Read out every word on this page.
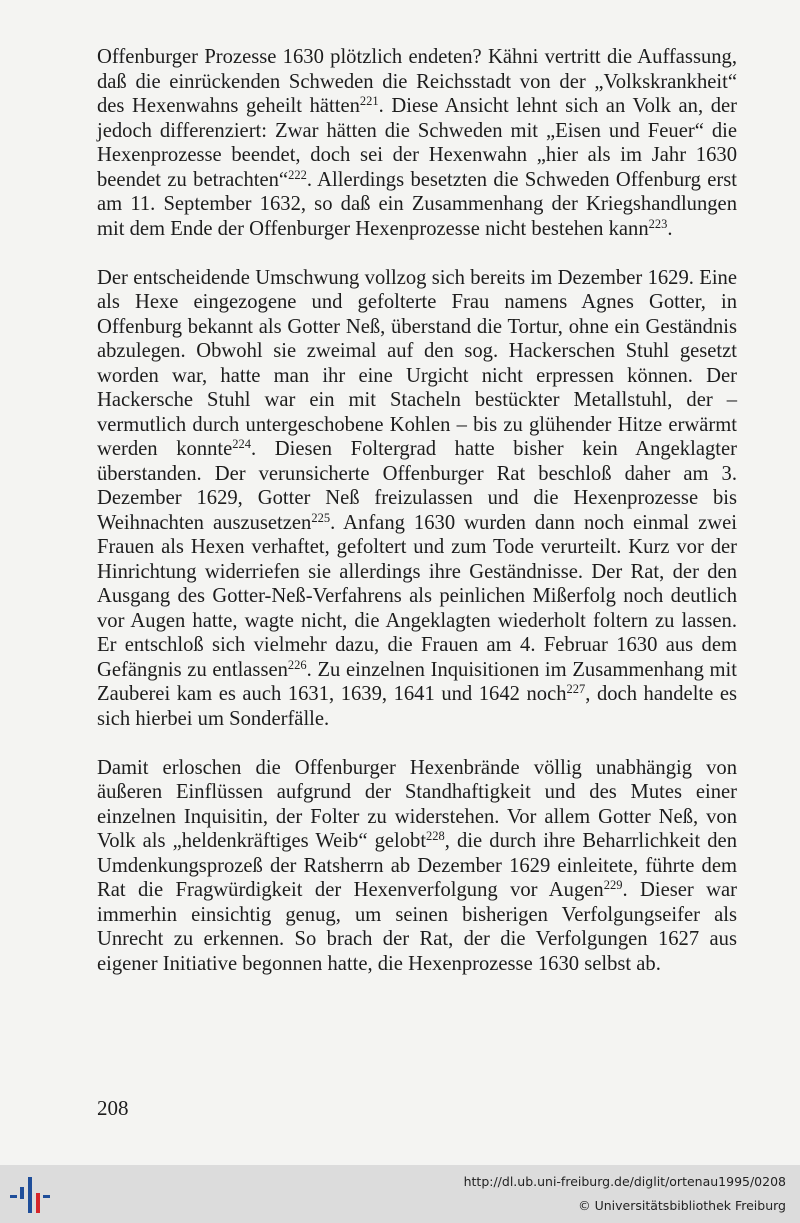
Offenburger Prozesse 1630 plötzlich endeten? Kähni vertritt die Auffassung, daß die einrückenden Schweden die Reichsstadt von der „Volkskrankheit“ des Hexenwahns geheilt hätten$^{221}$. Diese Ansicht lehnt sich an Volk an, der jedoch differenziert: Zwar hätten die Schweden mit „Eisen und Feuer“ die Hexenprozesse beendet, doch sei der Hexenwahn „hier als im Jahr 1630 beendet zu betrachten“$^{222}$. Allerdings besetzten die Schweden Offenburg erst am 11. September 1632, so daß ein Zusammenhang der Kriegshandlungen mit dem Ende der Offenburger Hexenprozesse nicht bestehen kann$^{223}$.

Der entscheidende Umschwung vollzog sich bereits im Dezember 1629. Eine als Hexe eingezogene und gefolterte Frau namens Agnes Gotter, in Offenburg bekannt als Gotter Neß, überstand die Tortur, ohne ein Geständnis abzulegen. Obwohl sie zweimal auf den sog. Hackerschen Stuhl gesetzt worden war, hatte man ihr eine Urgicht nicht erpressen können. Der Hackersche Stuhl war ein mit Stacheln bestückter Metallstuhl, der – vermutlich durch untergeschobene Kohlen – bis zu glühender Hitze erwärmt werden konnte$^{224}$. Diesen Foltergrad hatte bisher kein Angeklagter überstanden. Der verunsicherte Offenburger Rat beschloß daher am 3. Dezember 1629, Gotter Neß freizulassen und die Hexenprozesse bis Weihnachten auszusetzen$^{225}$. Anfang 1630 wurden dann noch einmal zwei Frauen als Hexen verhaftet, gefoltert und zum Tode verurteilt. Kurz vor der Hinrichtung widerriefen sie allerdings ihre Geständnisse. Der Rat, der den Ausgang des Gotter-Neß-Verfahrens als peinlichen Mißerfolg noch deutlich vor Augen hatte, wagte nicht, die Angeklagten wiederholt foltern zu lassen. Er entschloß sich vielmehr dazu, die Frauen am 4. Februar 1630 aus dem Gefängnis zu entlassen$^{226}$. Zu einzelnen Inquisitionen im Zusammenhang mit Zauberei kam es auch 1631, 1639, 1641 und 1642 noch$^{227}$, doch handelte es sich hierbei um Sonderfälle.

Damit erloschen die Offenburger Hexenbrände völlig unabhängig von äußeren Einflüssen aufgrund der Standhaftigkeit und des Mutes einer einzelnen Inquisitin, der Folter zu widerstehen. Vor allem Gotter Neß, von Volk als „heldenkräftiges Weib“ gelobt$^{228}$, die durch ihre Beharrlichkeit den Umdenkungsprozeß der Ratsherrn ab Dezember 1629 einleitete, führte dem Rat die Fragwürdigkeit der Hexenverfolgung vor Augen$^{229}$. Dieser war immerhin einsichtig genug, um seinen bisherigen Verfolgungseifer als Unrecht zu erkennen. So brach der Rat, der die Verfolgungen 1627 aus eigener Initiative begonnen hatte, die Hexenprozesse 1630 selbst ab.

208
http://dl.ub.uni-freiburg.de/diglit/ortenau1995/0208
© Universitätsbibliothek Freiburg
